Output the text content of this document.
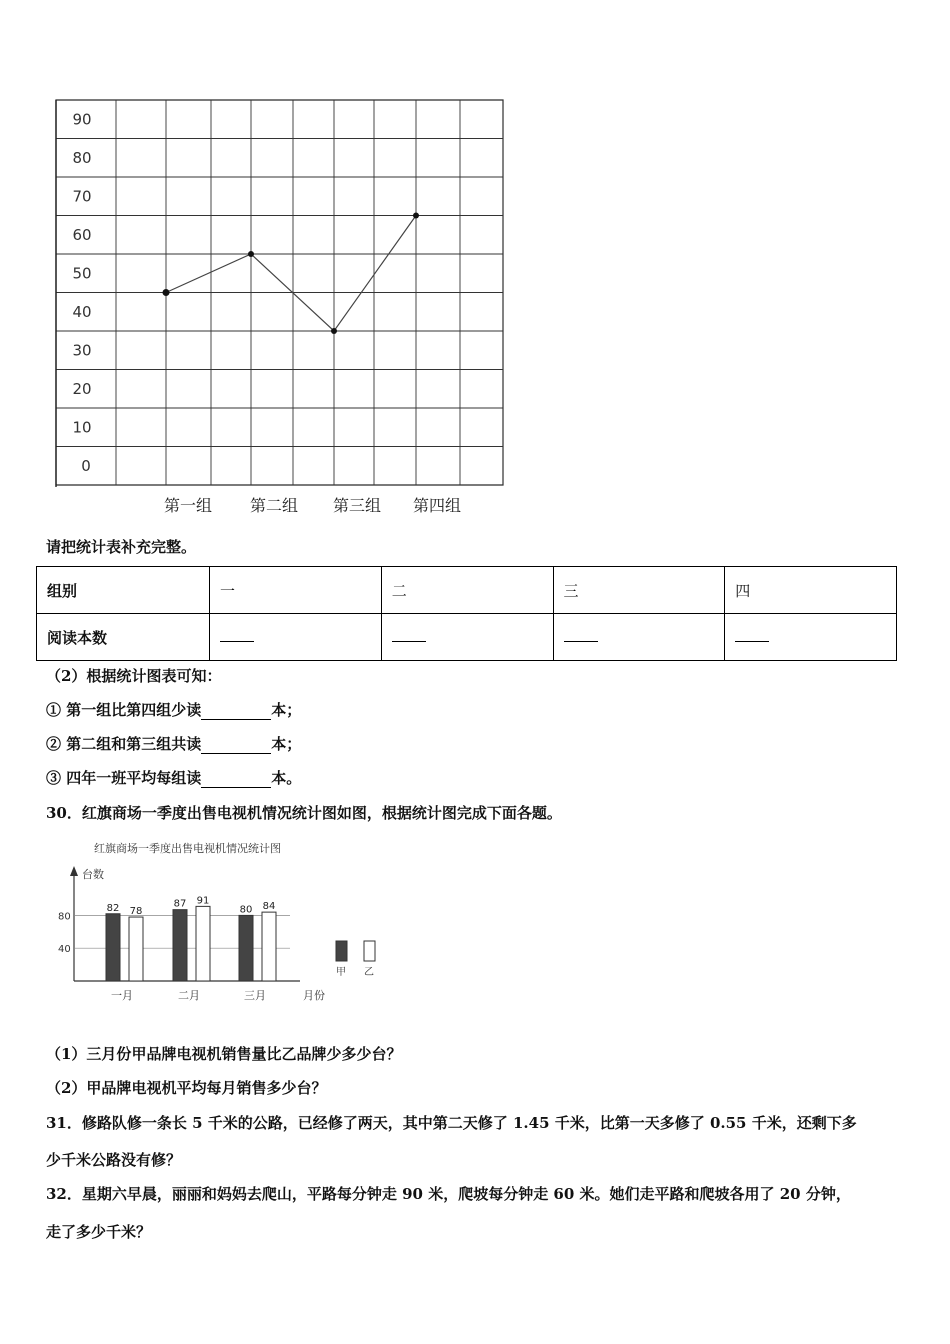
90
80
70
60
50
40
30
20
10
0
第一组 第二组 第三组 第四组
请把统计表补充完整。
组别	一	二	三	四
阅读本数				
（2）根据统计图表可知：
① 第一组比第四组少读	本；
② 第二组和第三组共读	本；
③ 四年一班平均每组读	本。
30．红旗商场一季度出售电视机情况统计图如图，根据统计图完成下面各题。
红旗商场一季度出售电视机情况统计图
台数
月份
80
40
82 78
一月
87 91
二月
80 84
三月
甲 乙
（1）三月份甲品牌电视机销售量比乙品牌少多少台？
（2）甲品牌电视机平均每月销售多少台？
31．修路队修一条长 5 千米的公路，已经修了两天，其中第二天修了 1.45 千米，比第一天多修了 0.55 千米，还剩下多
少千米公路没有修？
32．星期六早晨，丽丽和妈妈去爬山，平路每分钟走 90 米，爬坡每分钟走 60 米。她们走平路和爬坡各用了 20 分钟，
走了多少千米？
